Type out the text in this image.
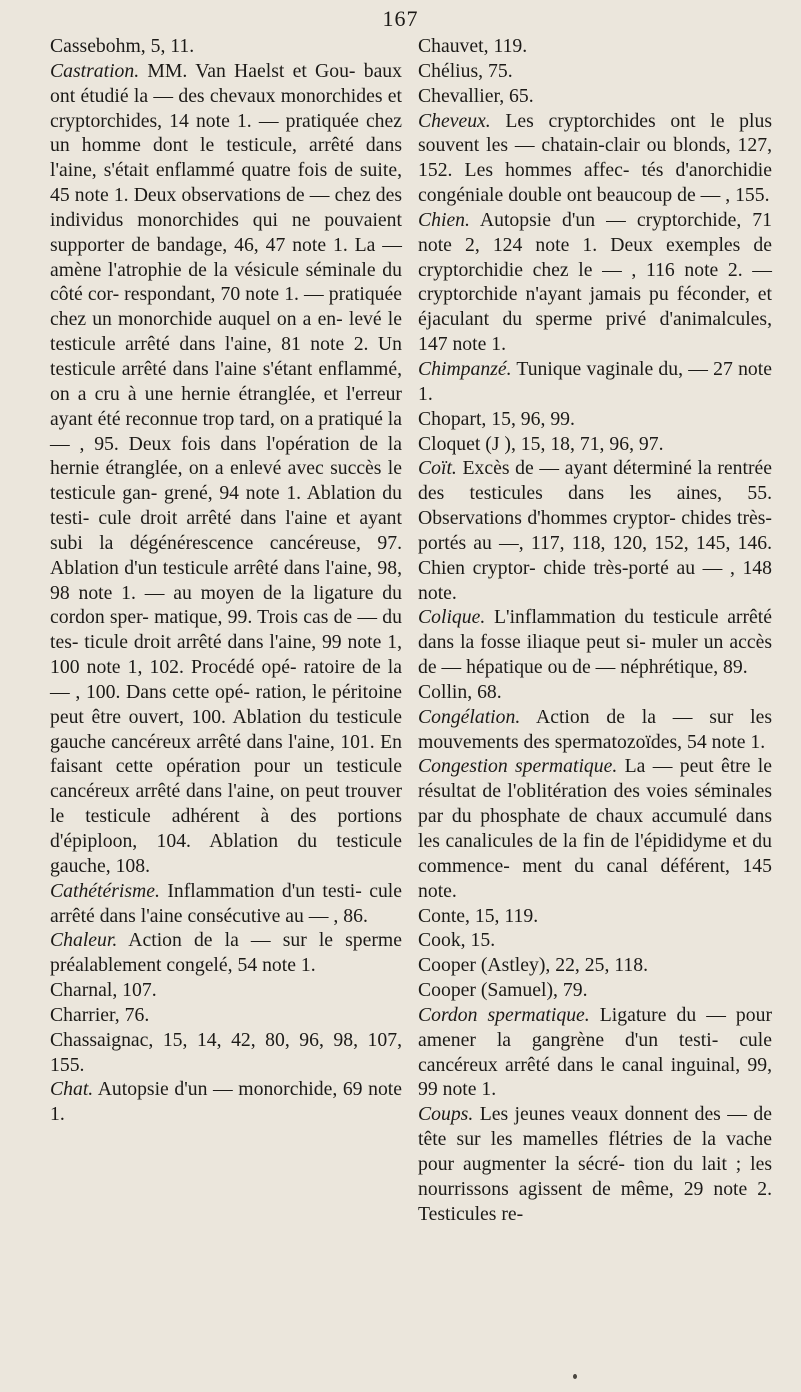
167

Cassebohm, 5, 11.

Castration. MM. Van Haelst et Gou- baux ont étudié la — des chevaux monorchides et cryptorchides, 14 note 1. — pratiquée chez un homme dont le testicule, arrêté dans l'aine, s'était enflammé quatre fois de suite, 45 note 1. Deux observations de — chez des individus monorchides qui ne pouvaient supporter de bandage, 46, 47 note 1. La — amène l'atrophie de la vésicule séminale du côté cor- respondant, 70 note 1. — pratiquée chez un monorchide auquel on a en- levé le testicule arrêté dans l'aine, 81 note 2. Un testicule arrêté dans l'aine s'étant enflammé, on a cru à une hernie étranglée, et l'erreur ayant été reconnue trop tard, on a pratiqué la — , 95. Deux fois dans l'opération de la hernie étranglée, on a enlevé avec succès le testicule gan- grené, 94 note 1. Ablation du testi- cule droit arrêté dans l'aine et ayant subi la dégénérescence cancéreuse, 97. Ablation d'un testicule arrêté dans l'aine, 98, 98 note 1. — au moyen de la ligature du cordon sper- matique, 99. Trois cas de — du tes- ticule droit arrêté dans l'aine, 99 note 1, 100 note 1, 102. Procédé opé- ratoire de la — , 100. Dans cette opé- ration, le péritoine peut être ouvert, 100. Ablation du testicule gauche cancéreux arrêté dans l'aine, 101. En faisant cette opération pour un testicule cancéreux arrêté dans l'aine, on peut trouver le testicule adhérent à des portions d'épiploon, 104. Ablation du testicule gauche, 108.

Cathétérisme. Inflammation d'un testi- cule arrêté dans l'aine consécutive au — , 86.

Chaleur. Action de la — sur le sperme préalablement congelé, 54 note 1.

Charnal, 107.

Charrier, 76.

Chassaignac, 15, 14, 42, 80, 96, 98, 107, 155.

Chat. Autopsie d'un — monorchide, 69 note 1.

Chauvet, 119.

Chélius, 75.

Chevallier, 65.

Cheveux. Les cryptorchides ont le plus souvent les — chatain-clair ou blonds, 127, 152. Les hommes affec- tés d'anorchidie congéniale double ont beaucoup de — , 155.

Chien. Autopsie d'un — cryptorchide, 71 note 2, 124 note 1. Deux exemples de cryptorchidie chez le — , 116 note 2. — cryptorchide n'ayant jamais pu féconder, et éjaculant du sperme privé d'animalcules, 147 note 1.

Chimpanzé. Tunique vaginale du, — 27 note 1.

Chopart, 15, 96, 99.

Cloquet (J ), 15, 18, 71, 96, 97.

Coït. Excès de — ayant déterminé la rentrée des testicules dans les aines, 55. Observations d'hommes cryptor- chides très-portés au —, 117, 118, 120, 152, 145, 146. Chien cryptor- chide très-porté au — , 148 note.

Colique. L'inflammation du testicule arrêté dans la fosse iliaque peut si- muler un accès de — hépatique ou de — néphrétique, 89.

Collin, 68.

Congélation. Action de la — sur les mouvements des spermatozoïdes, 54 note 1.

Congestion spermatique. La — peut être le résultat de l'oblitération des voies séminales par du phosphate de chaux accumulé dans les canalicules de la fin de l'épididyme et du commence- ment du canal déférent, 145 note.

Conte, 15, 119.

Cook, 15.

Cooper (Astley), 22, 25, 118.

Cooper (Samuel), 79.

Cordon spermatique. Ligature du — pour amener la gangrène d'un testi- cule cancéreux arrêté dans le canal inguinal, 99, 99 note 1.

Coups. Les jeunes veaux donnent des — de tête sur les mamelles flétries de la vache pour augmenter la sécré- tion du lait ; les nourrissons agissent de même, 29 note 2. Testicules re-
